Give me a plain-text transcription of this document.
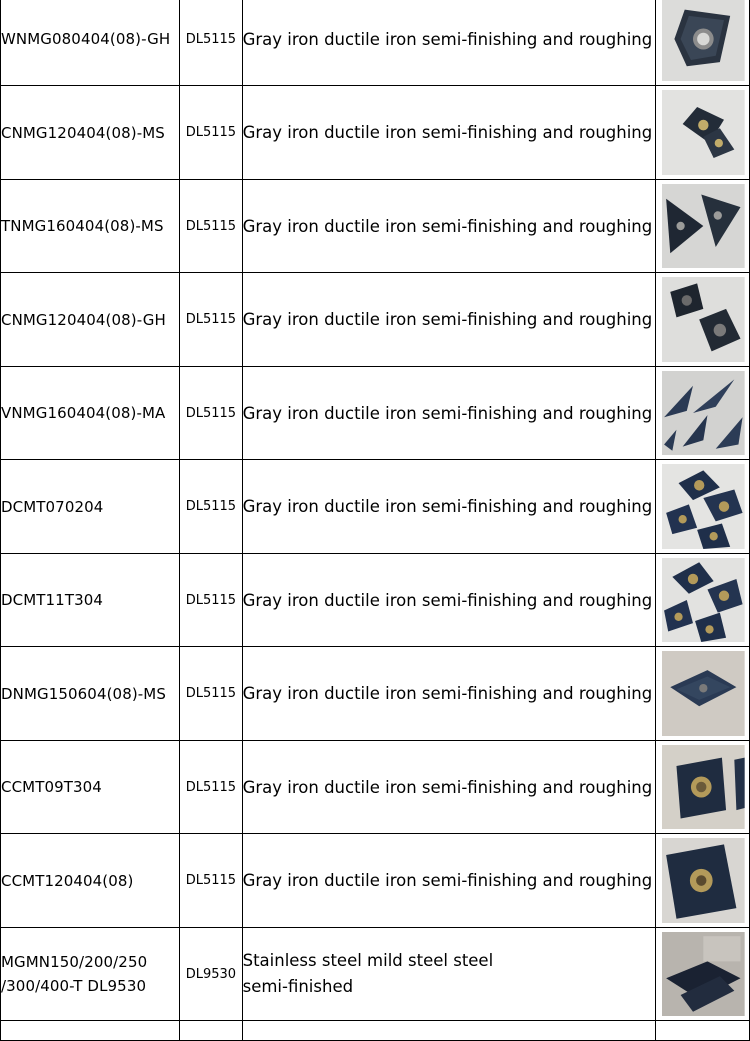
WNMG080404(08)-GH	DL5115	Gray iron ductile iron semi-finishing and roughing	

CNMG120404(08)-MS	DL5115	Gray iron ductile iron semi-finishing and roughing	

TNMG160404(08)-MS	DL5115	Gray iron ductile iron semi-finishing and roughing	

CNMG120404(08)-GH	DL5115	Gray iron ductile iron semi-finishing and roughing	

VNMG160404(08)-MA	DL5115	Gray iron ductile iron semi-finishing and roughing	

DCMT070204	DL5115	Gray iron ductile iron semi-finishing and roughing	

DCMT11T304	DL5115	Gray iron ductile iron semi-finishing and roughing	

DNMG150604(08)-MS	DL5115	Gray iron ductile iron semi-finishing and roughing	

CCMT09T304	DL5115	Gray iron ductile iron semi-finishing and roughing	

CCMT120404(08)	DL5115	Gray iron ductile iron semi-finishing and roughing	

MGMN150/200/250
/300/400-T DL9530	DL9530	Stainless steel mild steel steel
semi-finished
